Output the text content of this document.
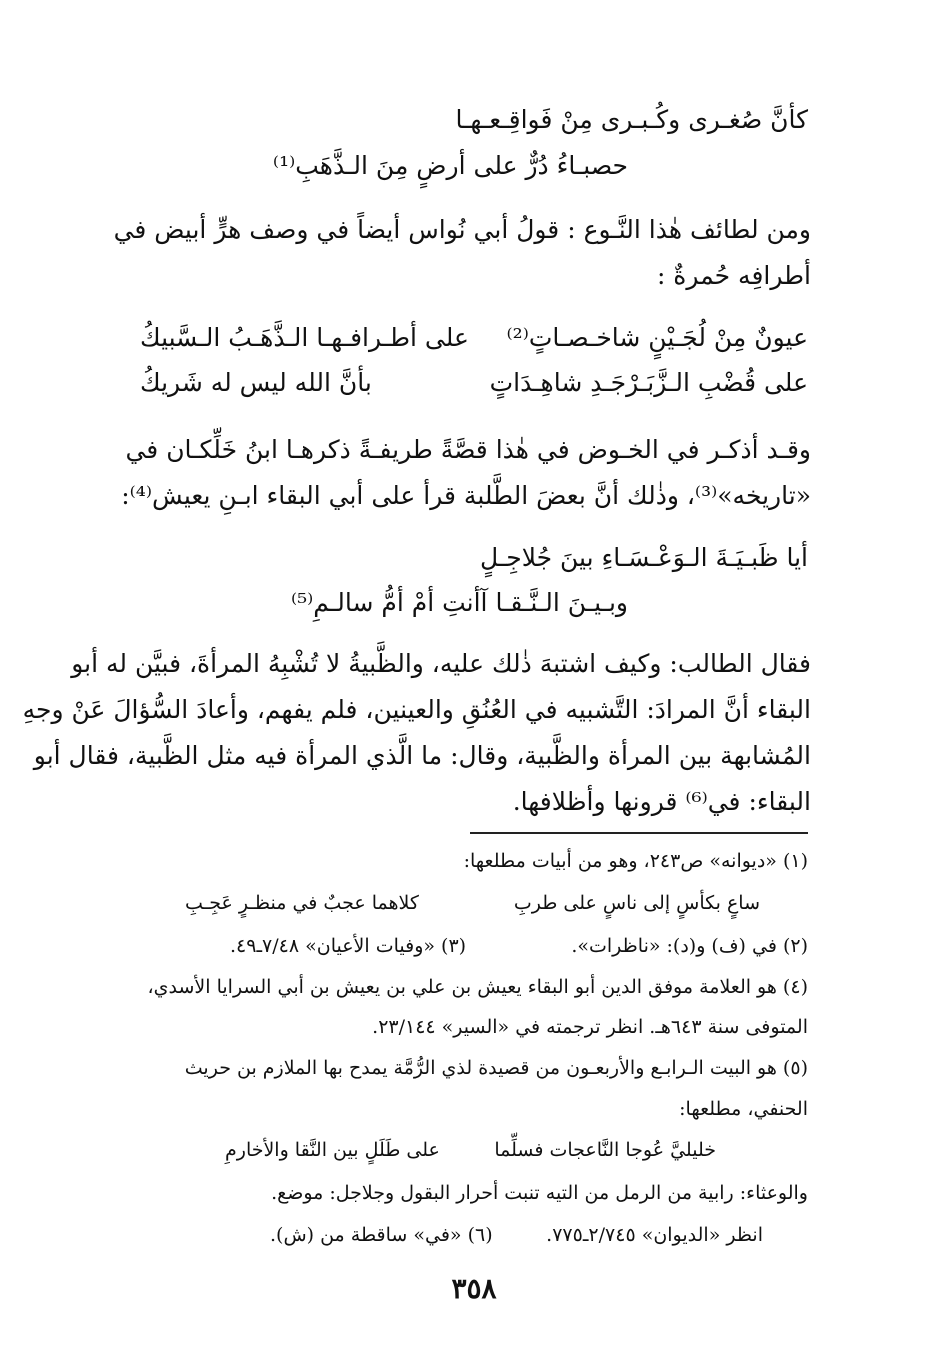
كأنَّ صُغـرى وكُـبـرى مِنْ فَواقِـعـهـا
حصبـاءُ دُرٌّ على أرضٍ مِنَ الـذَّهَبِ⁽¹⁾
ومن لطائف هٰذا النَّـوع : قولُ أبي نُواس أيضاً في وصف هرٍّ أبيض في
أطرافِه حُمرةٌ :
عيونٌ مِنْ لُجَـيْنٍ شاخـصـاتٍ⁽²⁾
على أطـرافـهـا الـذَّهَـبُ الـسَّبيكُ
على قُضْبِ الـزَّبَـرْجَـدِ شاهِـدَاتٍ
بأنَّ الله ليس له شَريكُ
وقـد أذكـر في الخـوض في هٰذا قصَّةً طريفـةً ذكرهـا ابنُ خَلِّكـان في
«تاريخه»⁽³⁾، وذٰلك أنَّ بعضَ الطَّلبة قرأ على أبي البقاء ابـنِ يعيش⁽⁴⁾:
أيا ظَبـيَـةَ الـوَعْـسَـاءِ بينَ جُلاجِـلٍ
وبـيـنَ الـنَّـقـا آأنتِ أمْ أمُّ سالـمِ⁽⁵⁾
فقال الطالب: وكيف اشتبهَ ذٰلك عليه، والظَّبيةُ لا تُشْبِهُ المرأةَ، فبيَّن له أبو
البقاء أنَّ المرادَ: التَّشبيه في العُنُقِ والعينين، فلم يفهم، وأعادَ السُّؤالَ عَنْ وجهِ
المُشابهة بين المرأة والظَّبية، وقال: ما الَّذي المرأة فيه مثل الظَّبية، فقال أبو
البقاء: في⁽⁶⁾ قرونها وأظلافها.
(١) «ديوانه» ص٢٤٣، وهو من أبيات مطلعها:
ساعٍ بكأسٍ إلى ناسٍ على طربِ
كلاهما عجبٌ في منظـرٍ عَجِـبِ
(٢) في (ف) و(د): «ناظرات».
(٣) «وفيات الأعيان» ٧/٤٨ـ٤٩.
(٤) هو العلامة موفق الدين أبو البقاء يعيش بن علي بن يعيش بن أبي السرايا الأسدي،
المتوفى سنة ٦٤٣هـ. انظر ترجمته في «السير» ٢٣/١٤٤.
(٥) هو البيت الـرابـع والأربعـون من قصيدة لذي الرُّمَّة يمدح بها الملازم بن حريث
الحنفي، مطلعها:
خليليَّ عُوجا النَّاعجات فسلِّما
على طَلَلٍ بين النَّقا والأخارمِ
والوعثاء: رابية من الرمل من التيه تنبت أحرار البقول وجلاجل: موضع.
انظر «الديوان» ٢/٧٤٥ـ٧٧٥.
(٦) «في» ساقطة من (ش).
٣٥٨
